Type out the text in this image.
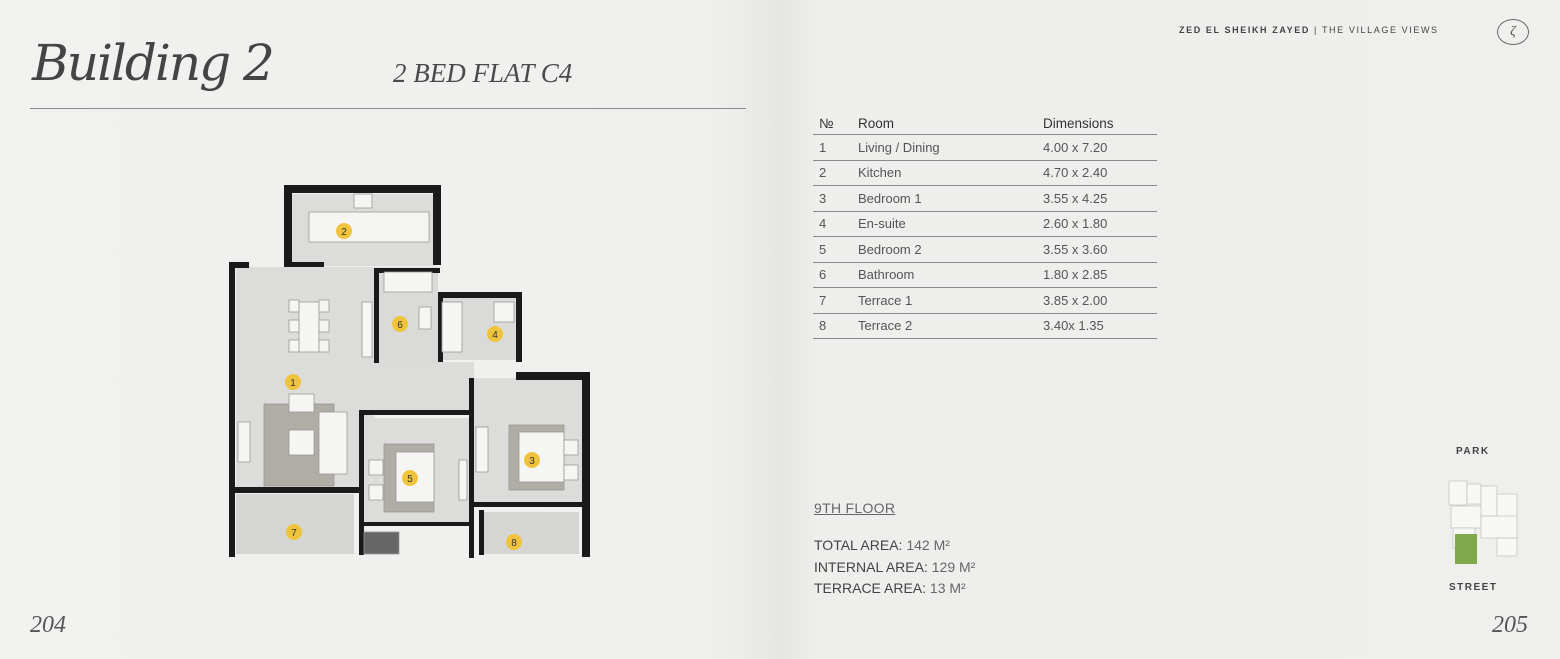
Building 2	2 BED FLAT C4
1
2
3
4
5
6
7
8
204
ZED EL SHEIKH ZAYED | THE VILLAGE VIEWS	ζ
№	Room	Dimensions
1	Living / Dining	4.00 x 7.20
2	Kitchen	4.70 x 2.40
3	Bedroom 1	3.55 x 4.25
4	En-suite	2.60 x 1.80
5	Bedroom 2	3.55 x 3.60
6	Bathroom	1.80 x 2.85
7	Terrace 1	3.85 x 2.00
8	Terrace 2	3.40x 1.35
9TH FLOOR
TOTAL AREA: 142 M²
INTERNAL AREA: 129 M²
TERRACE AREA: 13 M²
PARK
STREET
205
